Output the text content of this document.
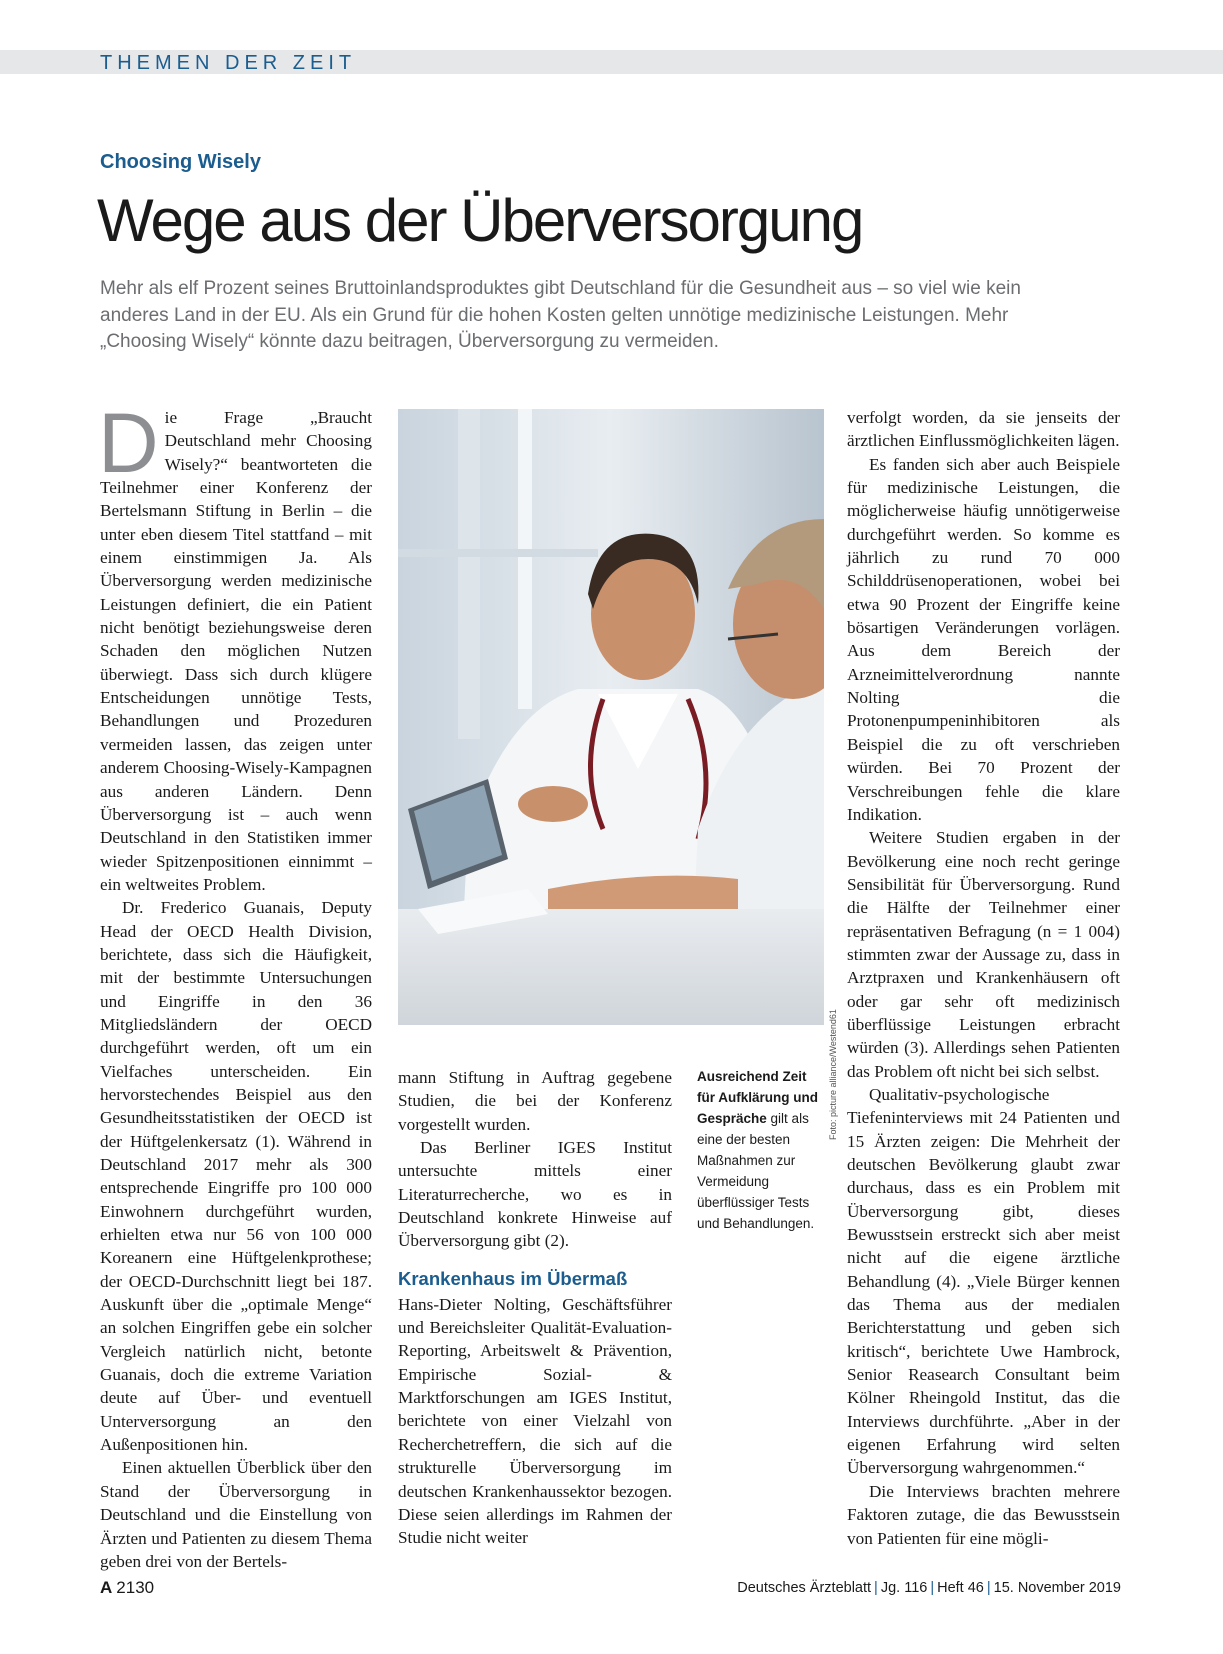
THEMEN DER ZEIT
Choosing Wisely
Wege aus der Überversorgung

Mehr als elf Prozent seines Bruttoinlandsproduktes gibt Deutschland für die Gesundheit aus – so viel wie kein anderes Land in der EU. Als ein Grund für die hohen Kosten gelten unnötige medizinische Leistungen. Mehr „Choosing Wisely“ könnte dazu beitragen, Überversorgung zu vermeiden.

Die Frage „Braucht Deutschland mehr Choosing Wisely?“ beantworteten die Teilnehmer einer Konferenz der Bertelsmann Stiftung in Berlin – die unter eben diesem Titel stattfand – mit einem einstimmigen Ja. Als Überversorgung werden medizinische Leistungen definiert, die ein Patient nicht benötigt beziehungsweise deren Schaden den möglichen Nutzen überwiegt. Dass sich durch klügere Entscheidungen unnötige Tests, Behandlungen und Prozeduren vermeiden lassen, das zeigen unter anderem Choosing-Wisely-Kampagnen aus anderen Ländern. Denn Überversorgung ist – auch wenn Deutschland in den Statistiken immer wieder Spitzenpositionen einnimmt – ein weltweites Problem.

Dr. Frederico Guanais, Deputy Head der OECD Health Division, berichtete, dass sich die Häufigkeit, mit der bestimmte Untersuchungen und Eingriffe in den 36 Mitgliedsländern der OECD durchgeführt werden, oft um ein Vielfaches unterscheiden. Ein hervorstechendes Beispiel aus den Gesundheitsstatistiken der OECD ist der Hüftgelenkersatz (1). Während in Deutschland 2017 mehr als 300 entsprechende Eingriffe pro 100 000 Einwohnern durchgeführt wurden, erhielten etwa nur 56 von 100 000 Koreanern eine Hüftgelenkprothese; der OECD-Durchschnitt liegt bei 187. Auskunft über die „optimale Menge“ an solchen Eingriffen gebe ein solcher Vergleich natürlich nicht, betonte Guanais, doch die extreme Variation deute auf Über- und eventuell Unterversorgung an den Außenpositionen hin.

Einen aktuellen Überblick über den Stand der Überversorgung in Deutschland und die Einstellung von Ärzten und Patienten zu diesem Thema geben drei von der Bertels-

Foto: picture alliance/Westend61

mann Stiftung in Auftrag gegebene Studien, die bei der Konferenz vorgestellt wurden.

Das Berliner IGES Institut untersuchte mittels einer Literaturrecherche, wo es in Deutschland konkrete Hinweise auf Überversorgung gibt (2).

Krankenhaus im Übermaß

Hans-Dieter Nolting, Geschäftsführer und Bereichsleiter Qualität-Evaluation-Reporting, Arbeitswelt & Prävention, Empirische Sozial- & Marktforschungen am IGES Institut, berichtete von einer Vielzahl von Recherchetreffern, die sich auf die strukturelle Überversorgung im deutschen Krankenhaussektor bezogen. Diese seien allerdings im Rahmen der Studie nicht weiter

Ausreichend Zeit für Aufklärung und Gespräche gilt als eine der besten Maßnahmen zur Vermeidung überflüssiger Tests und Behandlungen.

verfolgt worden, da sie jenseits der ärztlichen Einflussmöglichkeiten lägen.

Es fanden sich aber auch Beispiele für medizinische Leistungen, die möglicherweise häufig unnötigerweise durchgeführt werden. So komme es jährlich zu rund 70 000 Schilddrüsenoperationen, wobei bei etwa 90 Prozent der Eingriffe keine bösartigen Veränderungen vorlägen. Aus dem Bereich der Arzneimittelverordnung nannte Nolting die Protonenpumpeninhibitoren als Beispiel die zu oft verschrieben würden. Bei 70 Prozent der Verschreibungen fehle die klare Indikation.

Weitere Studien ergaben in der Bevölkerung eine noch recht geringe Sensibilität für Überversorgung. Rund die Hälfte der Teilnehmer einer repräsentativen Befragung (n = 1 004) stimmten zwar der Aussage zu, dass in Arztpraxen und Krankenhäusern oft oder gar sehr oft medizinisch überflüssige Leistungen erbracht würden (3). Allerdings sehen Patienten das Problem oft nicht bei sich selbst.

Qualitativ-psychologische Tiefeninterviews mit 24 Patienten und 15 Ärzten zeigen: Die Mehrheit der deutschen Bevölkerung glaubt zwar durchaus, dass es ein Problem mit Überversorgung gibt, dieses Bewusstsein erstreckt sich aber meist nicht auf die eigene ärztliche Behandlung (4). „Viele Bürger kennen das Thema aus der medialen Berichterstattung und geben sich kritisch“, berichtete Uwe Hambrock, Senior Reasearch Consultant beim Kölner Rheingold Institut, das die Interviews durchführte. „Aber in der eigenen Erfahrung wird selten Überversorgung wahrgenommen.“

Die Interviews brachten mehrere Faktoren zutage, die das Bewusstsein von Patienten für eine mögli-

A 2130	Deutsches Ärzteblatt | Jg. 116 | Heft 46 | 15. November 2019
